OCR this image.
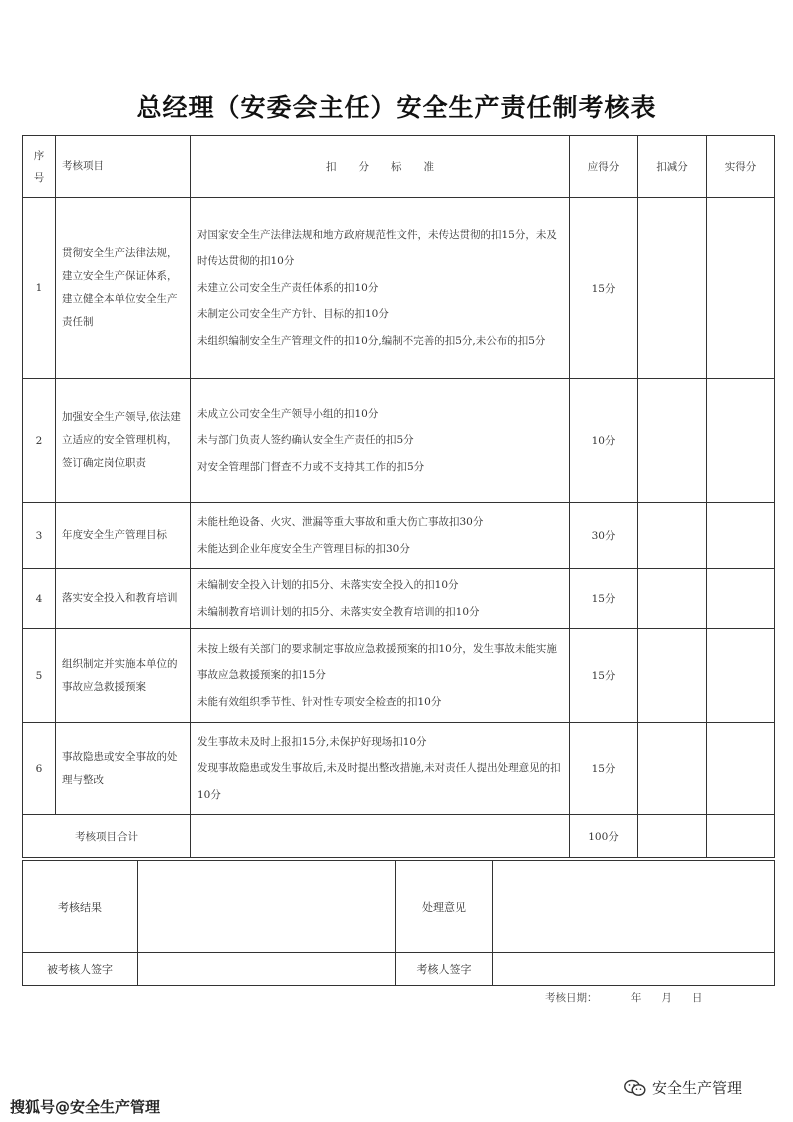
总经理（安委会主任）安全生产责任制考核表
序号	考核项目	扣分标准	应得分	扣减分	实得分
1	贯彻安全生产法律法规，建立安全生产保证体系，建立健全本单位安全生产责任制	对国家安全生产法律法规和地方政府规范性文件，未传达贯彻的扣15分，未及时传达贯彻的扣10分
未建立公司安全生产责任体系的扣10分
未制定公司安全生产方针、目标的扣10分
未组织编制安全生产管理文件的扣10分,编制不完善的扣5分,未公布的扣5分	15分		
2	加强安全生产领导,依法建立适应的安全管理机构，签订确定岗位职责	未成立公司安全生产领导小组的扣10分
未与部门负责人签约确认安全生产责任的扣5分
对安全管理部门督查不力或不支持其工作的扣5分	10分		
3	年度安全生产管理目标	未能杜绝设备、火灾、泄漏等重大事故和重大伤亡事故扣30分
未能达到企业年度安全生产管理目标的扣30分	30分		
4	落实安全投入和教育培训	未编制安全投入计划的扣5分、未落实安全投入的扣10分
未编制教育培训计划的扣5分、未落实安全教育培训的扣10分	15分		
5	组织制定并实施本单位的事故应急救援预案	未按上级有关部门的要求制定事故应急救援预案的扣10分，发生事故未能实施事故应急救援预案的扣15分
未能有效组织季节性、针对性专项安全检查的扣10分	15分		
6	事故隐患或安全事故的处理与整改	发生事故未及时上报扣15分,未保护好现场扣10分
发现事故隐患或发生事故后,未及时提出整改措施,未对责任人提出处理意见的扣10分	15分		
考核项目合计			100分		
考核结果		处理意见	
被考核人签字		考核人签字	
考核日期：          年      月      日
搜狐号@安全生产管理
安全生产管理
